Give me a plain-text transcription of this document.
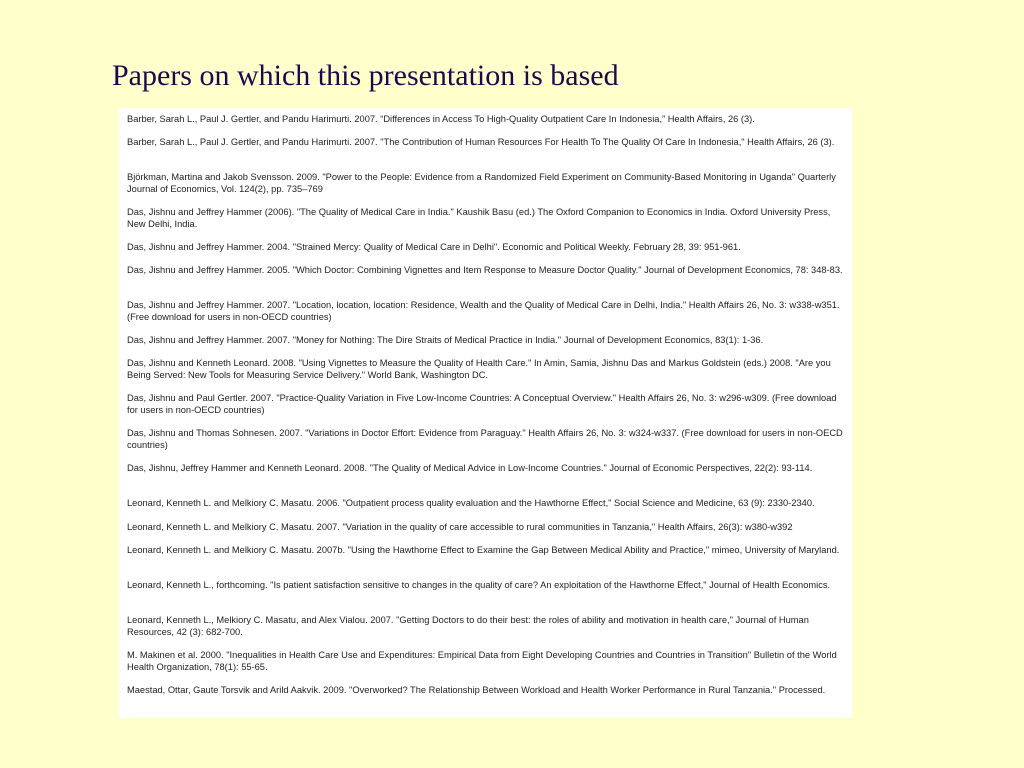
Papers on which this presentation is based

Barber, Sarah L., Paul J. Gertler, and Pandu Harimurti. 2007. “Differences in Access To High-Quality Outpatient Care In Indonesia,” Health Affairs, 26 (3).

Barber, Sarah L., Paul J. Gertler, and Pandu Harimurti. 2007. "The Contribution of Human Resources For Health To The Quality Of Care In Indonesia," Health Affairs, 26 (3).

Björkman, Martina and Jakob Svensson. 2009. "Power to the People: Evidence from a Randomized Field Experiment on Community-Based Monitoring in Uganda" Quarterly Journal of Economics, Vol. 124(2), pp. 735–769

Das, Jishnu and Jeffrey Hammer (2006). "The Quality of Medical Care in India." Kaushik Basu (ed.) The Oxford Companion to Economics in India. Oxford University Press, New Delhi, India.

Das, Jishnu and Jeffrey Hammer. 2004. "Strained Mercy: Quality of Medical Care in Delhi". Economic and Political Weekly. February 28, 39: 951-961.

Das, Jishnu and Jeffrey Hammer. 2005. "Which Doctor: Combining Vignettes and Item Response to Measure Doctor Quality." Journal of Development Economics, 78: 348-83.

Das, Jishnu and Jeffrey Hammer. 2007. "Location, location, location: Residence, Wealth and the Quality of Medical Care in Delhi, India." Health Affairs 26, No. 3: w338-w351. (Free download for users in non-OECD countries)

Das, Jishnu and Jeffrey Hammer. 2007. "Money for Nothing: The Dire Straits of Medical Practice in India." Journal of Development Economics, 83(1): 1-36.

Das, Jishnu and Kenneth Leonard. 2008. "Using Vignettes to Measure the Quality of Health Care." In Amin, Samia, Jishnu Das and Markus Goldstein (eds.) 2008. "Are you Being Served: New Tools for Measuring Service Delivery." World Bank, Washington DC.

Das, Jishnu and Paul Gertler. 2007. "Practice-Quality Variation in Five Low-Income Countries: A Conceptual Overview." Health Affairs 26, No. 3: w296-w309. (Free download for users in non-OECD countries)

Das, Jishnu and Thomas Sohnesen. 2007. "Variations in Doctor Effort: Evidence from Paraguay." Health Affairs 26, No. 3: w324-w337. (Free download for users in non-OECD countries)

Das, Jishnu, Jeffrey Hammer and Kenneth Leonard. 2008. "The Quality of Medical Advice in Low-Income Countries." Journal of Economic Perspectives, 22(2): 93-114.

Leonard, Kenneth L. and Melkiory C. Masatu. 2006. "Outpatient process quality evaluation and the Hawthorne Effect," Social Science and Medicine, 63 (9): 2330-2340.

Leonard, Kenneth L. and Melkiory C. Masatu. 2007. "Variation in the quality of care accessible to rural communities in Tanzania," Health Affairs, 26(3): w380-w392

Leonard, Kenneth L. and Melkiory C. Masatu. 2007b. "Using the Hawthorne Effect to Examine the Gap Between Medical Ability and Practice," mimeo, University of Maryland.

Leonard, Kenneth L., forthcoming. "Is patient satisfaction sensitive to changes in the quality of care? An exploitation of the Hawthorne Effect," Journal of Health Economics.

Leonard, Kenneth L., Melkiory C. Masatu, and Alex Vialou. 2007. "Getting Doctors to do their best: the roles of ability and motivation in health care," Journal of Human Resources, 42 (3): 682-700.

M. Makinen et al. 2000. "Inequalities in Health Care Use and Expenditures: Empirical Data from Eight Developing Countries and Countries in Transition" Bulletin of the World Health Organization, 78(1): 55-65.

Maestad, Ottar, Gaute Torsvik and Arild Aakvik. 2009. "Overworked? The Relationship Between Workload and Health Worker Performance in Rural Tanzania." Processed.
